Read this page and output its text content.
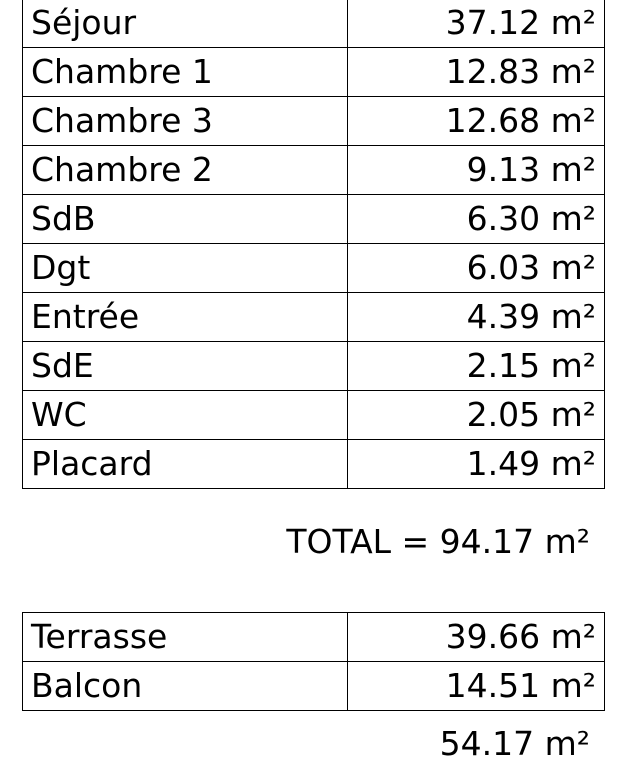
Séjour	37.12 m²
Chambre 1	12.83 m²
Chambre 3	12.68 m²
Chambre 2	9.13 m²
SdB	6.30 m²
Dgt	6.03 m²
Entrée	4.39 m²
SdE	2.15 m²
WC	2.05 m²
Placard	1.49 m²
TOTAL = 94.17 m²
Terrasse	39.66 m²
Balcon	14.51 m²
54.17 m²
